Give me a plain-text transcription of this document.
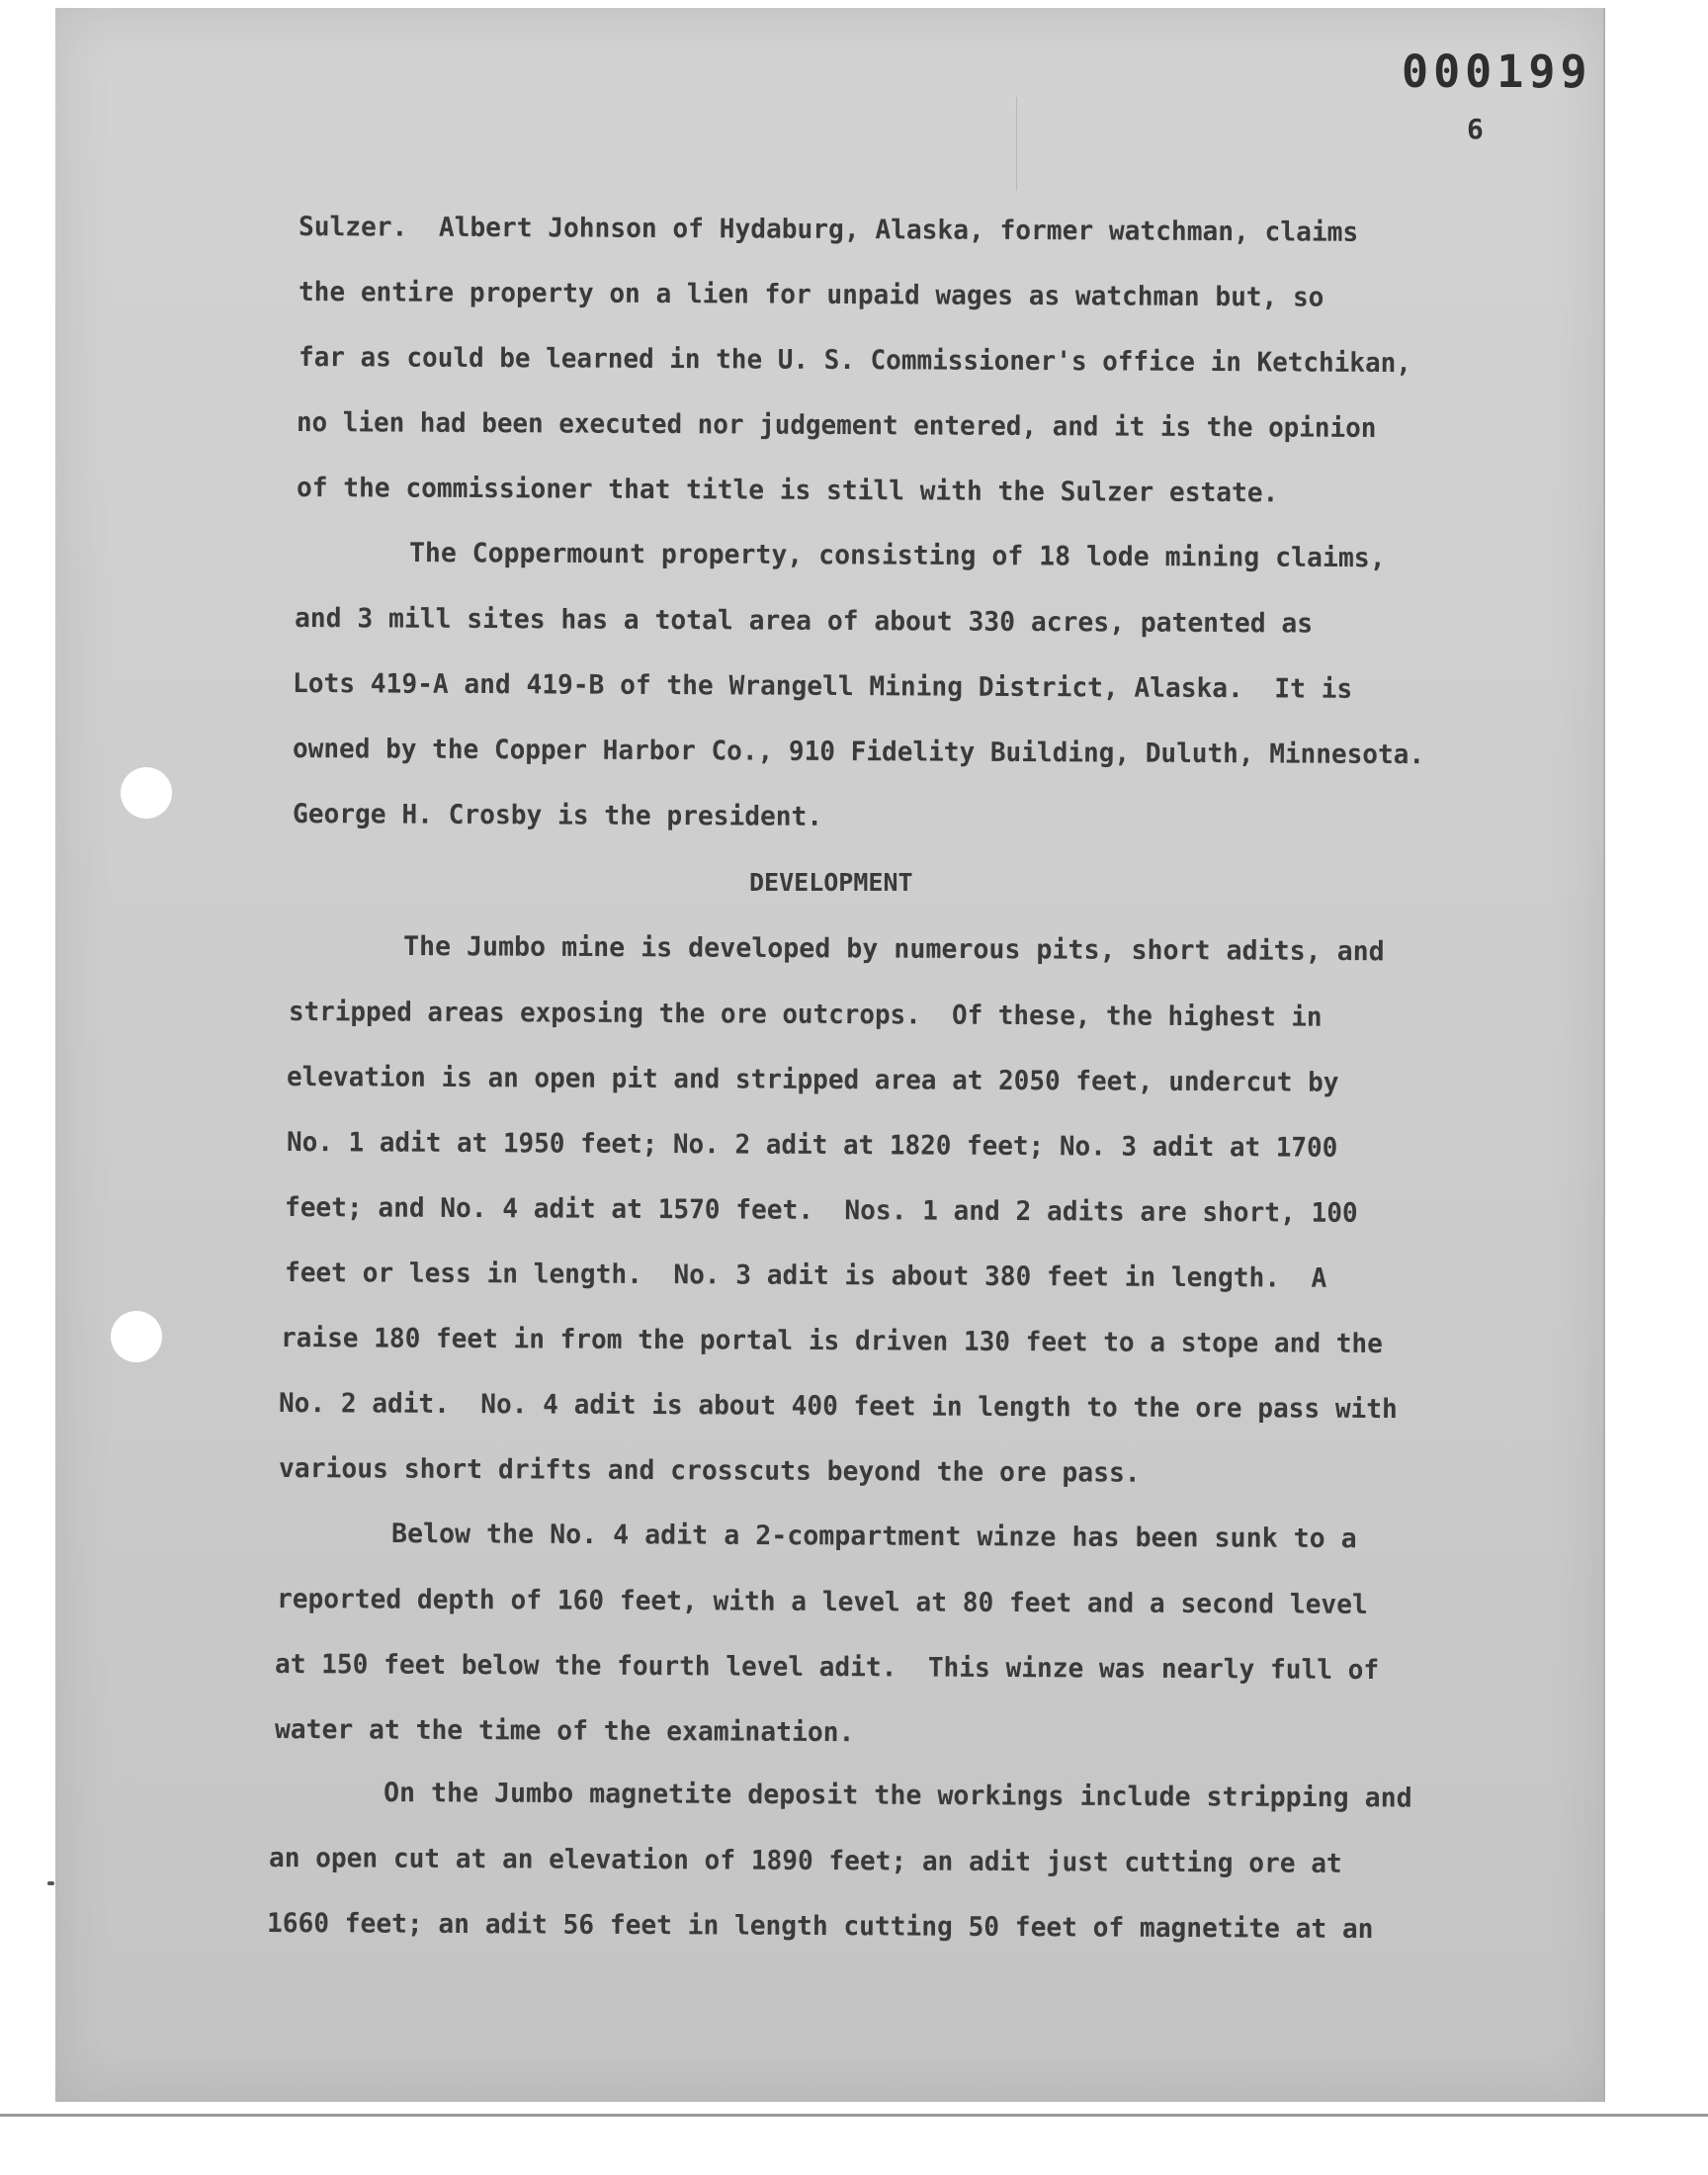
000199
6
Sulzer.  Albert Johnson of Hydaburg, Alaska, former watchman, claims
the entire property on a lien for unpaid wages as watchman but, so
far as could be learned in the U. S. Commissioner's office in Ketchikan,
no lien had been executed nor judgement entered, and it is the opinion
of the commissioner that title is still with the Sulzer estate.
The Coppermount property, consisting of 18 lode mining claims,
and 3 mill sites has a total area of about 330 acres, patented as
Lots 419-A and 419-B of the Wrangell Mining District, Alaska.  It is
owned by the Copper Harbor Co., 910 Fidelity Building, Duluth, Minnesota.
George H. Crosby is the president.
DEVELOPMENT
The Jumbo mine is developed by numerous pits, short adits, and
stripped areas exposing the ore outcrops.  Of these, the highest in
elevation is an open pit and stripped area at 2050 feet, undercut by
No. 1 adit at 1950 feet; No. 2 adit at 1820 feet; No. 3 adit at 1700
feet; and No. 4 adit at 1570 feet.  Nos. 1 and 2 adits are short, 100
feet or less in length.  No. 3 adit is about 380 feet in length.  A
raise 180 feet in from the portal is driven 130 feet to a stope and the
No. 2 adit.  No. 4 adit is about 400 feet in length to the ore pass with
various short drifts and crosscuts beyond the ore pass.
Below the No. 4 adit a 2-compartment winze has been sunk to a
reported depth of 160 feet, with a level at 80 feet and a second level
at 150 feet below the fourth level adit.  This winze was nearly full of
water at the time of the examination.
On the Jumbo magnetite deposit the workings include stripping and
an open cut at an elevation of 1890 feet; an adit just cutting ore at
1660 feet; an adit 56 feet in length cutting 50 feet of magnetite at an
